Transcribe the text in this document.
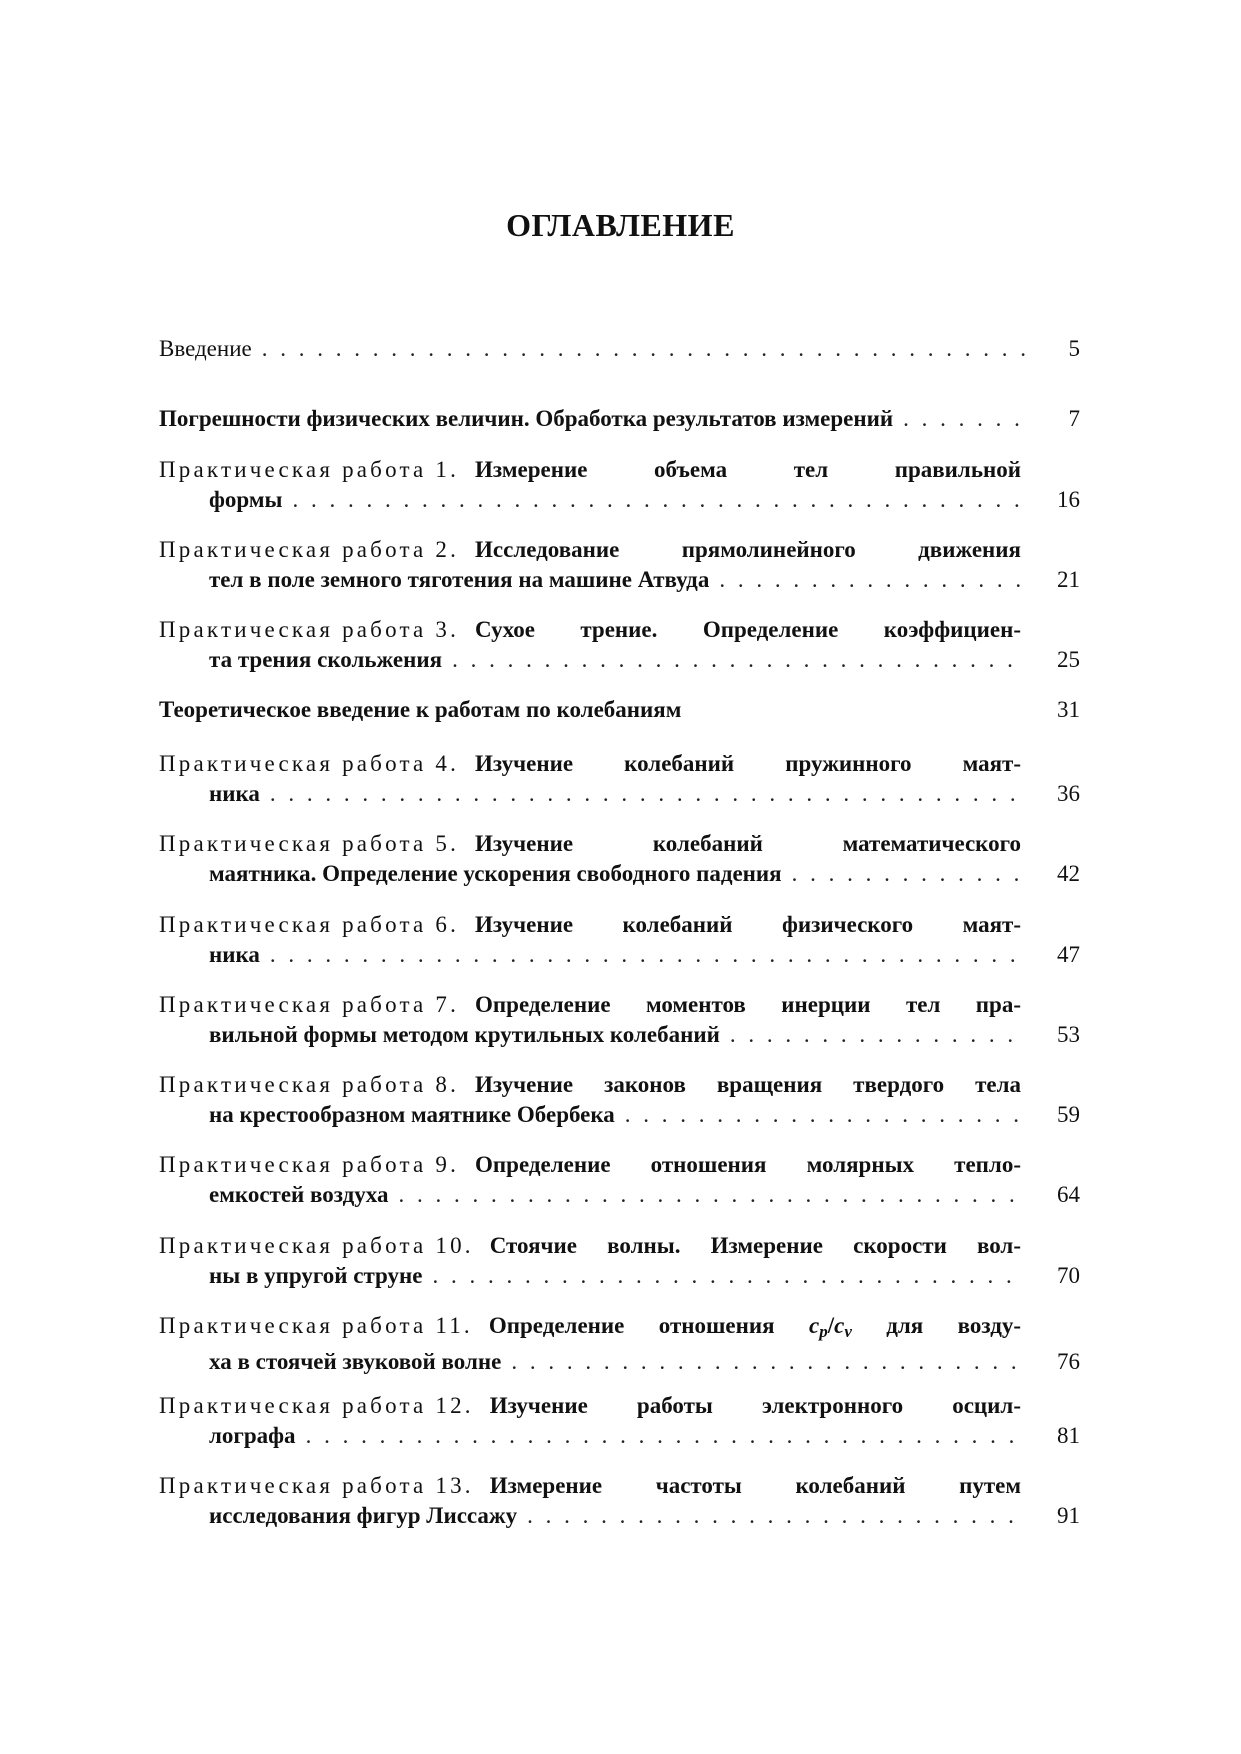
ОГЛАВЛЕНИЕ
Введение . . .	5
Погрешности физических величин. Обработка результатов измерений . . .	7
Практическая работа 1. Измерение объема тел правильной
формы . . .	16
Практическая работа 2. Исследование прямолинейного движения
тел в поле земного тяготения на машине Атвуда . . .	21
Практическая работа 3. Сухое трение. Определение коэффициен-
та трения скольжения . . .	25
Теоретическое введение к работам по колебаниям	31
Практическая работа 4. Изучение колебаний пружинного маят-
ника . . .	36
Практическая работа 5. Изучение колебаний математического
маятника. Определение ускорения свободного падения . . .	42
Практическая работа 6. Изучение колебаний физического маят-
ника . . .	47
Практическая работа 7. Определение моментов инерции тел пра-
вильной формы методом крутильных колебаний . . .	53
Практическая работа 8. Изучение законов вращения твердого тела
на крестообразном маятнике Обербека . . .	59
Практическая работа 9. Определение отношения молярных тепло-
емкостей воздуха . . .	64
Практическая работа 10. Стоячие волны. Измерение скорости вол-
ны в упругой струне . . .	70
Практическая работа 11. Определение отношения $c_p/c_v$ для возду-
ха в стоячей звуковой волне . . .	76
Практическая работа 12. Изучение работы электронного осцил-
лографа . . .	81
Практическая работа 13. Измерение частоты колебаний путем
исследования фигур Лиссажу . . .	91
